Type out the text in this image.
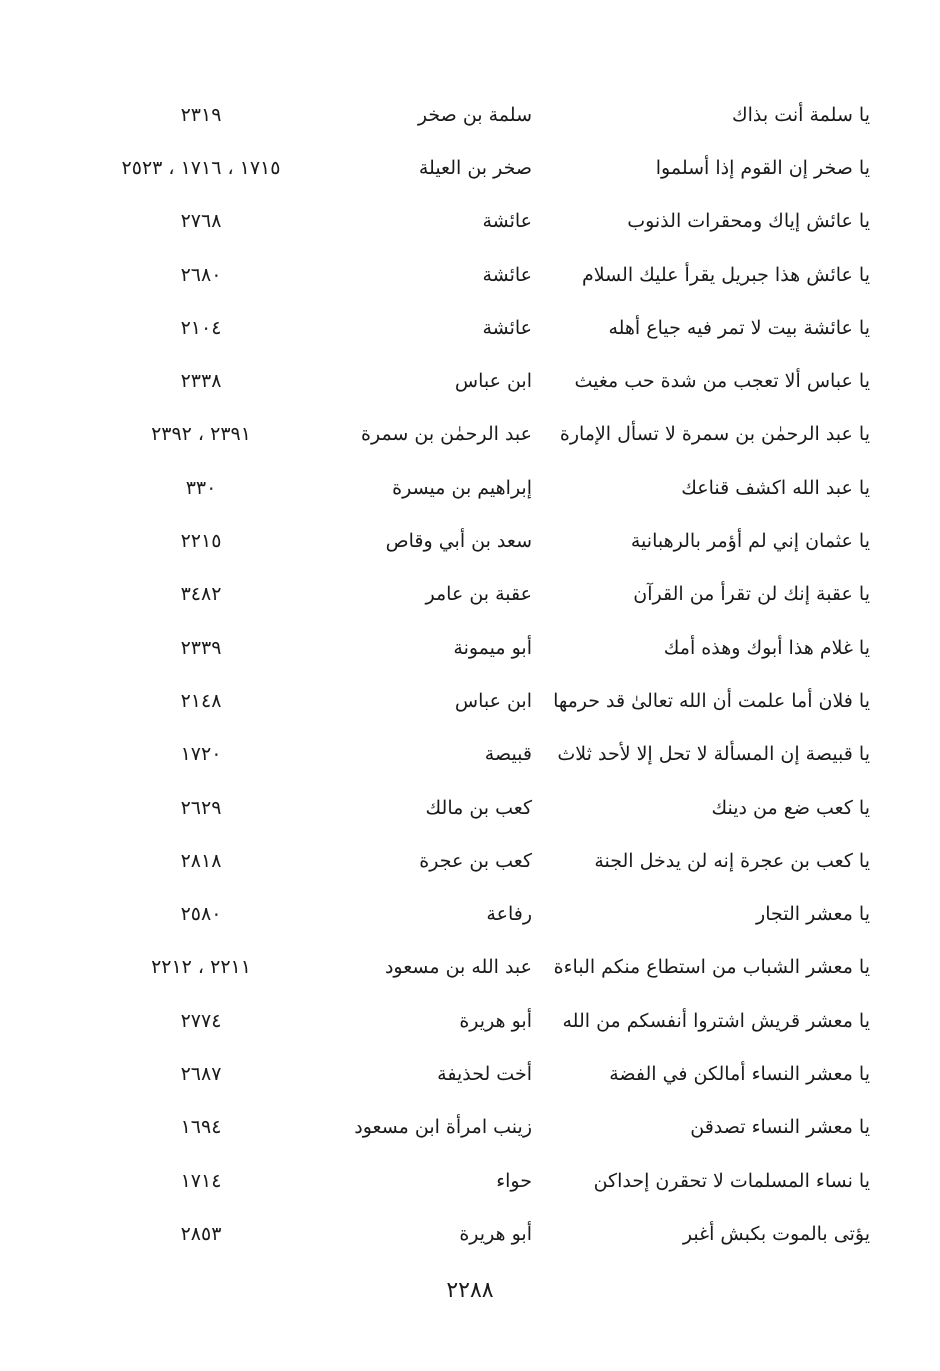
يا سلمة أنت بذاك
سلمة بن صخر
٢٣١٩
يا صخر إن القوم إذا أسلموا
صخر بن العيلة
١٧١٥ ، ١٧١٦ ، ٢٥٢٣
يا عائش إياك ومحقرات الذنوب
عائشة
٢٧٦٨
يا عائش هذا جبريل يقرأ عليك السلام
عائشة
٢٦٨٠
يا عائشة بيت لا تمر فيه جياع أهله
عائشة
٢١٠٤
يا عباس ألا تعجب من شدة حب مغيث
ابن عباس
٢٣٣٨
يا عبد الرحمٰن بن سمرة لا تسأل الإمارة
عبد الرحمٰن بن سمرة
٢٣٩١ ، ٢٣٩٢
يا عبد الله اكشف قناعك
إبراهيم بن ميسرة
٣٣٠
يا عثمان إني لم أؤمر بالرهبانية
سعد بن أبي وقاص
٢٢١٥
يا عقبة إنك لن تقرأ من القرآن
عقبة بن عامر
٣٤٨٢
يا غلام هذا أبوك وهذه أمك
أبو ميمونة
٢٣٣٩
يا فلان أما علمت أن الله تعالىٰ قد حرمها
ابن عباس
٢١٤٨
يا قبيصة إن المسألة لا تحل إلا لأحد ثلاث
قبيصة
١٧٢٠
يا كعب ضع من دينك
كعب بن مالك
٢٦٢٩
يا كعب بن عجرة إنه لن يدخل الجنة
كعب بن عجرة
٢٨١٨
يا معشر التجار
رفاعة
٢٥٨٠
يا معشر الشباب من استطاع منكم الباءة
عبد الله بن مسعود
٢٢١١ ، ٢٢١٢
يا معشر قريش اشتروا أنفسكم من الله
أبو هريرة
٢٧٧٤
يا معشر النساء أمالكن في الفضة
أخت لحذيفة
٢٦٨٧
يا معشر النساء تصدقن
زينب امرأة ابن مسعود
١٦٩٤
يا نساء المسلمات لا تحقرن إحداكن
حواء
١٧١٤
يؤتى بالموت بكبش أغبر
أبو هريرة
٢٨٥٣
٢٢٨٨
